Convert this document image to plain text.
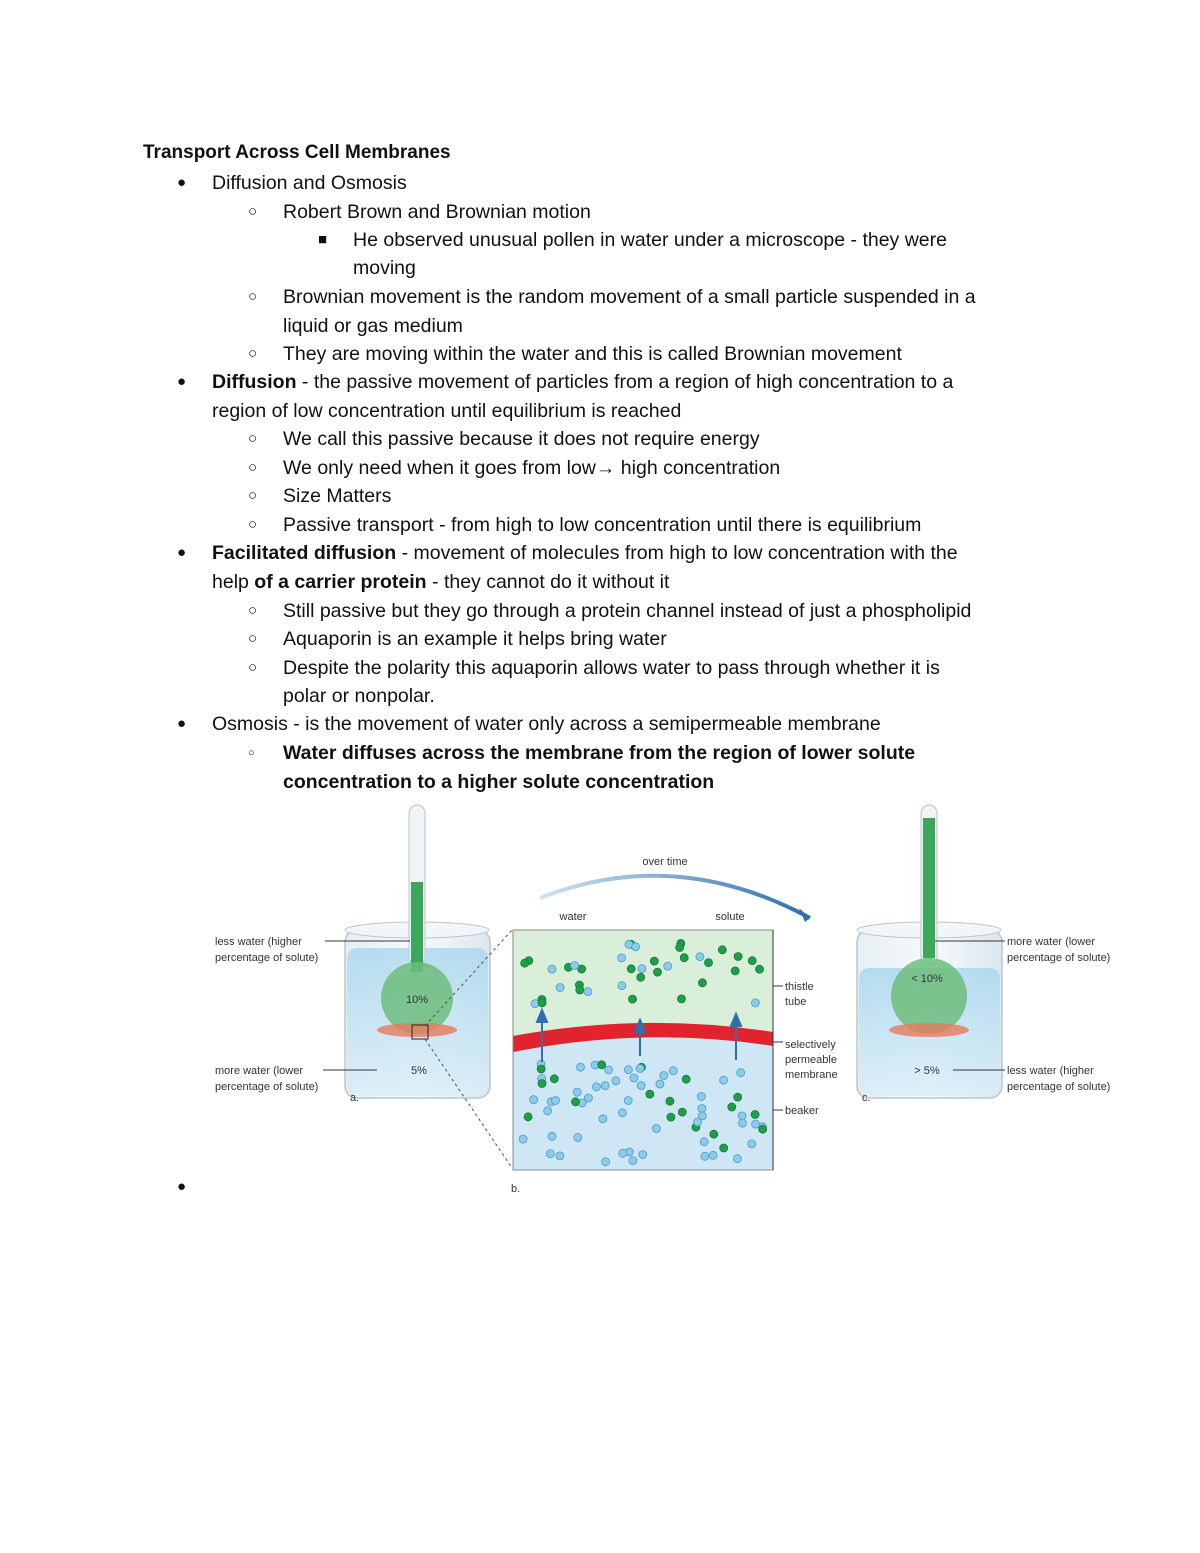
Transport Across Cell Membranes
● Diffusion and Osmosis
○ Robert Brown and Brownian motion
■ He observed unusual pollen in water under a microscope - they were
moving
○ Brownian movement is the random movement of a small particle suspended in a
liquid or gas medium
○ They are moving within the water and this is called Brownian movement
● Diffusion - the passive movement of particles from a region of high concentration to a
region of low concentration until equilibrium is reached
○ We call this passive because it does not require energy
○ We only need when it goes from low→ high concentration
○ Size Matters
○ Passive transport - from high to low concentration until there is equilibrium
● Facilitated diffusion - movement of molecules from high to low concentration with the
help of a carrier protein - they cannot do it without it
○ Still passive but they go through a protein channel instead of just a phospholipid
○ Aquaporin is an example it helps bring water
○ Despite the polarity this aquaporin allows water to pass through whether it is
polar or nonpolar.
● Osmosis - is the movement of water only across a semipermeable membrane
○ Water diffuses across the membrane from the region of lower solute
concentration to a higher solute concentration
●
10%
5%
less water (higher
percentage of solute)
more water (lower
percentage of solute)
a.
over time
water	solute
thistle
tube
selectively
permeable
membrane
beaker
b.
< 10%
> 5%
more water (lower
percentage of solute)
less water (higher
percentage of solute)
c.
